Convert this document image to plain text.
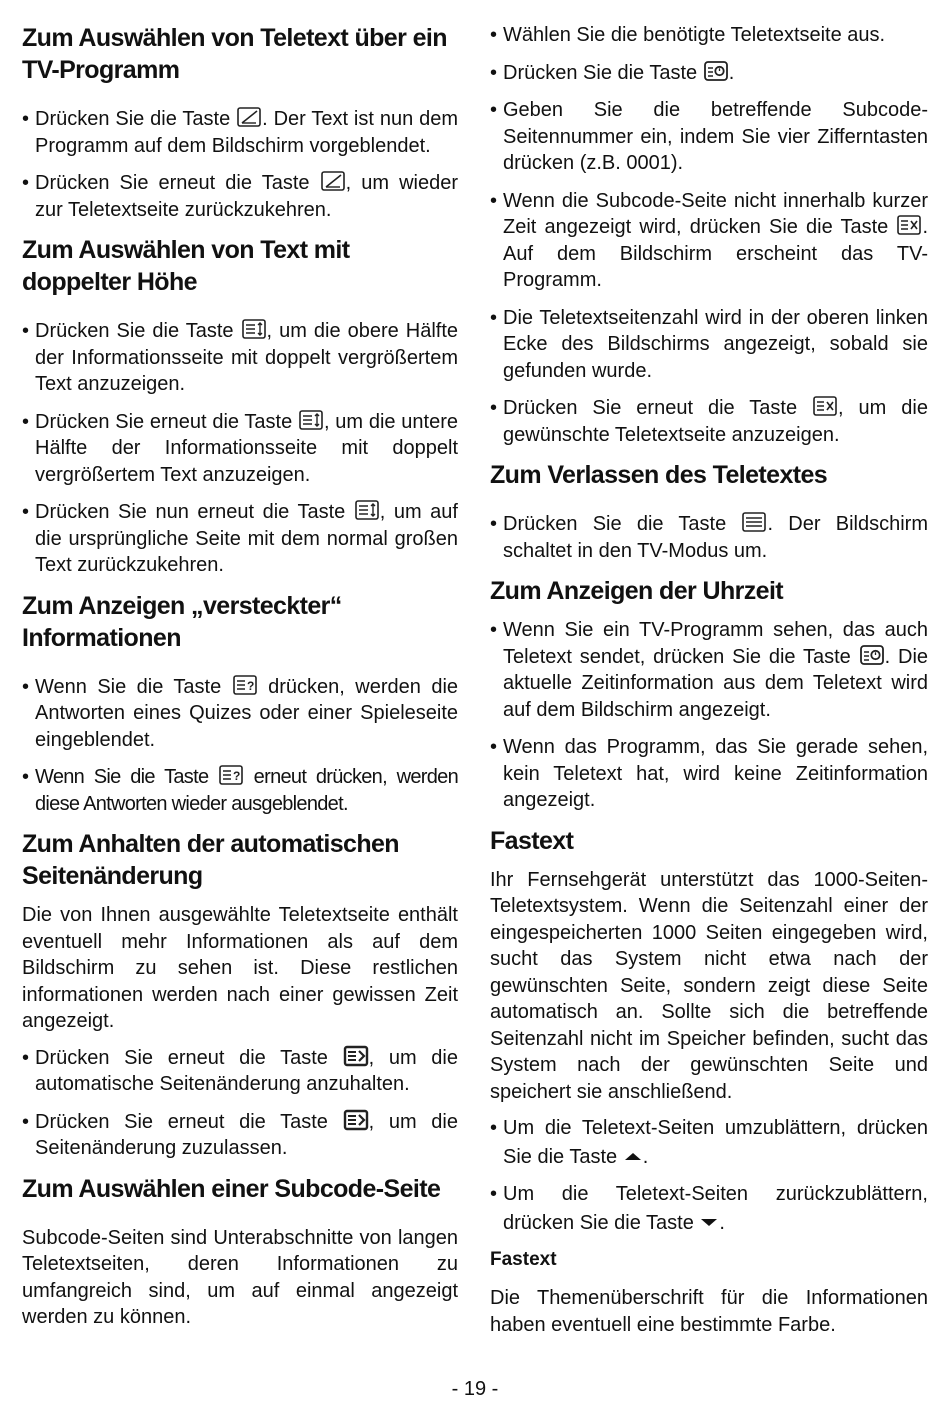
Zum Auswählen von Teletext über ein TV-Programm
• Drücken Sie die Taste . Der Text ist nun dem Programm auf dem Bildschirm vorgeblendet.
• Drücken Sie erneut die Taste , um wieder zur Teletextseite zurückzukehren.
Zum Auswählen von Text mit doppelter Höhe
• Drücken Sie die Taste , um die obere Hälfte der Informationsseite mit doppelt vergrößertem Text anzuzeigen.
• Drücken Sie erneut die Taste , um die untere Hälfte der Informationsseite mit doppelt vergrößertem Text anzuzeigen.
• Drücken Sie nun erneut die Taste , um auf die ursprüngliche Seite mit dem normal großen Text zurückzukehren.
Zum Anzeigen „versteckter“ Informationen
• Wenn Sie die Taste ? drücken, werden die Antworten eines Quizes oder einer Spieleseite eingeblendet.
• Wenn Sie die Taste ? erneut drücken, werden diese Antworten wieder ausgeblendet.
Zum Anhalten der automatischen Seitenänderung

Die von Ihnen ausgewählte Teletextseite enthält eventuell mehr Informationen als auf dem Bildschirm zu sehen ist. Diese restlichen informationen werden nach einer gewissen Zeit angezeigt.

• Drücken Sie erneut die Taste , um die automatische Seitenänderung anzuhalten.
• Drücken Sie erneut die Taste , um die Seitenänderung zuzulassen.
Zum Auswählen einer Subcode-Seite

Subcode-Seiten sind Unterabschnitte von langen Teletextseiten, deren Informationen zu umfangreich sind, um auf einmal angezeigt werden zu können.

• Wählen Sie die benötigte Teletextseite aus.
• Drücken Sie die Taste .
• Geben Sie die betreffende Subcode-Seitennummer ein, indem Sie vier Zifferntasten drücken (z.B. 0001).
• Wenn die Subcode-Seite nicht innerhalb kurzer Zeit angezeigt wird, drücken Sie die Taste . Auf dem Bildschirm erscheint das TV-Programm.
• Die Teletextseitenzahl wird in der oberen linken Ecke des Bildschirms angezeigt, sobald sie gefunden wurde.
• Drücken Sie erneut die Taste , um die gewünschte Teletextseite anzuzeigen.
Zum Verlassen des Teletextes
• Drücken Sie die Taste . Der Bildschirm schaltet in den TV-Modus um.
Zum Anzeigen der Uhrzeit
• Wenn Sie ein TV-Programm sehen, das auch Teletext sendet, drücken Sie die Taste . Die aktuelle Zeitinformation aus dem Teletext wird auf dem Bildschirm angezeigt.
• Wenn das Programm, das Sie gerade sehen, kein Teletext hat, wird keine Zeitinformation angezeigt.
Fastext

Ihr Fernsehgerät unterstützt das 1000-Seiten-Teletextsystem. Wenn die Seitenzahl einer der eingespeicherten 1000 Seiten eingegeben wird, sucht das System nicht etwa nach der gewünschten Seite, sondern zeigt diese Seite automatisch an. Sollte sich die betreffende Seitenzahl nicht im Speicher befinden, sucht das System nach der gewünschten Seite und speichert sie anschließend.

• Um die Teletext-Seiten umzublättern, drücken Sie die Taste .
• Um die Teletext-Seiten zurückzublättern, drücken Sie die Taste .
Fastext

Die Themenüberschrift für die Informationen haben eventuell eine bestimmte Farbe.

- 19 -
